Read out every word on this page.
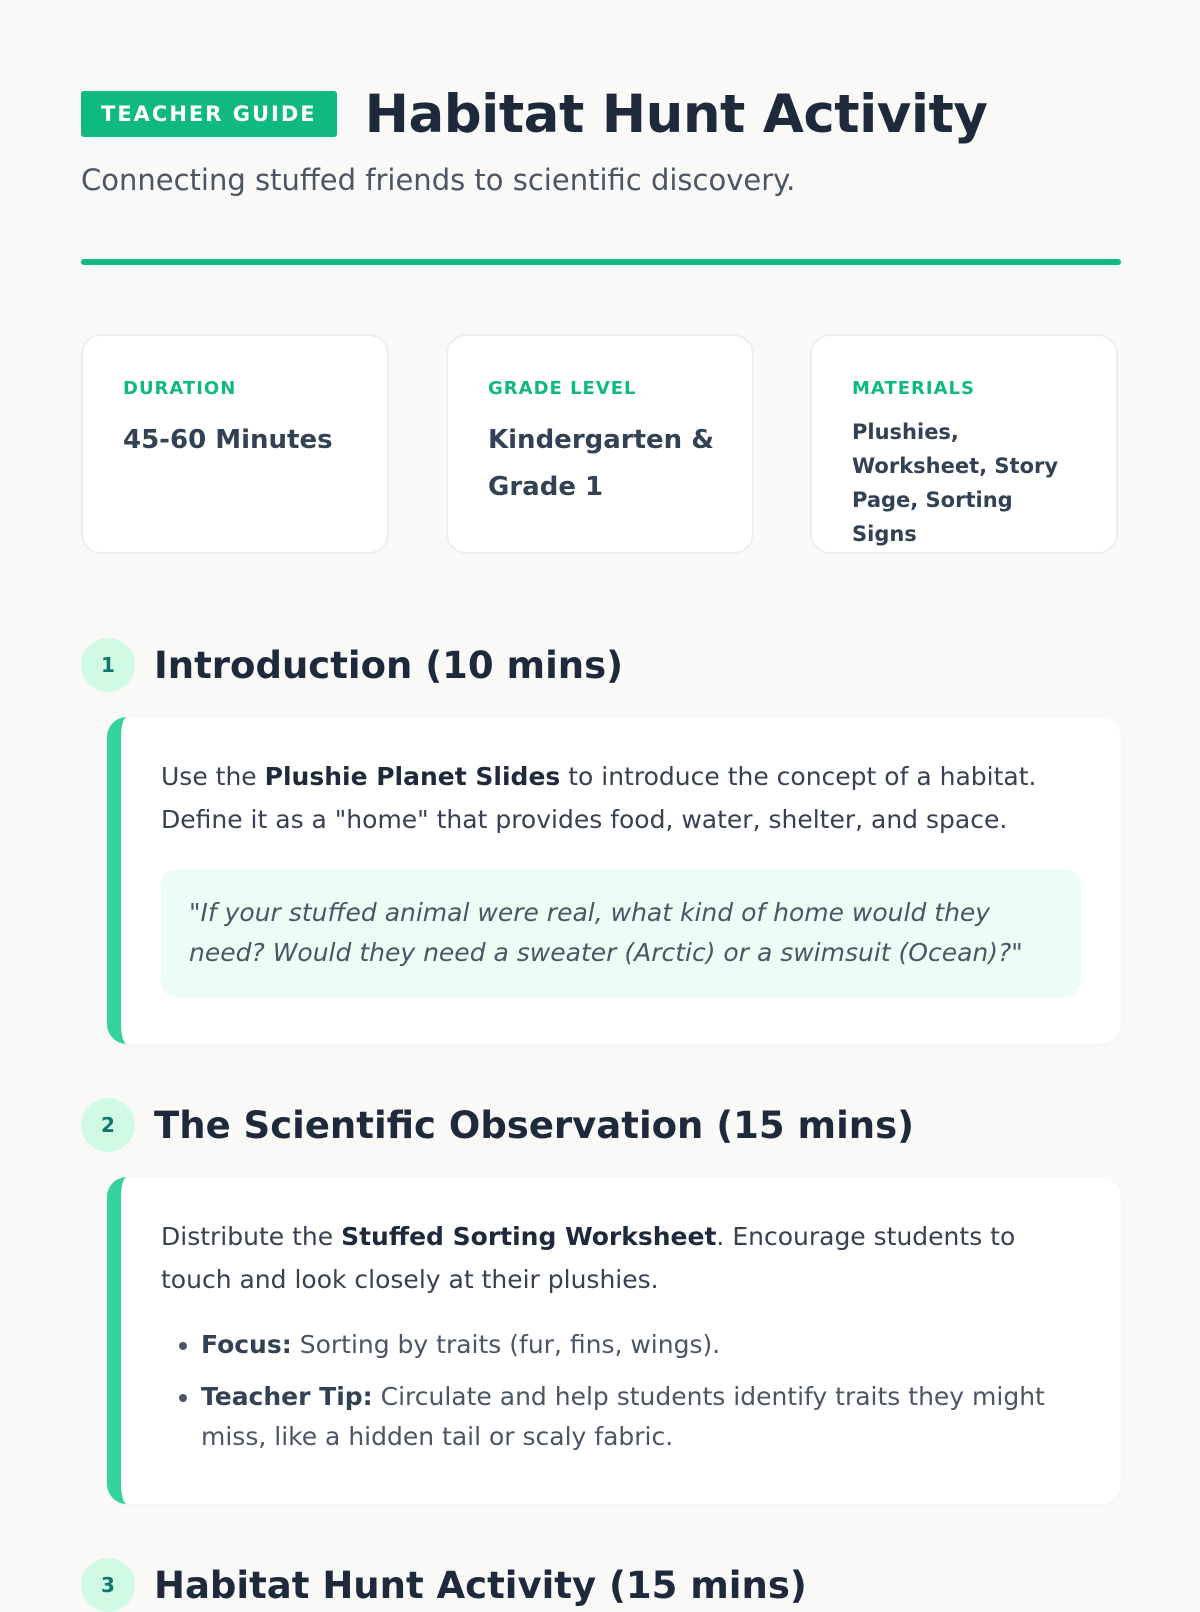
TEACHER GUIDE Habitat Hunt Activity
Connecting stuffed friends to scientific discovery.
DURATION
45-60 Minutes
GRADE LEVEL
Kindergarten & Grade 1
MATERIALS
Plushies, Worksheet, Story Page, Sorting Signs
1	Introduction (10 mins)
Use the Plushie Planet Slides to introduce the concept of a habitat. Define it as a "home" that provides food, water, shelter, and space.
"If your stuffed animal were real, what kind of home would they need? Would they need a sweater (Arctic) or a swimsuit (Ocean)?"
2	The Scientific Observation (15 mins)
Distribute the Stuffed Sorting Worksheet. Encourage students to touch and look closely at their plushies.
• Focus: Sorting by traits (fur, fins, wings).
• Teacher Tip: Circulate and help students identify traits they might miss, like a hidden tail or scaly fabric.
3	Habitat Hunt Activity (15 mins)
